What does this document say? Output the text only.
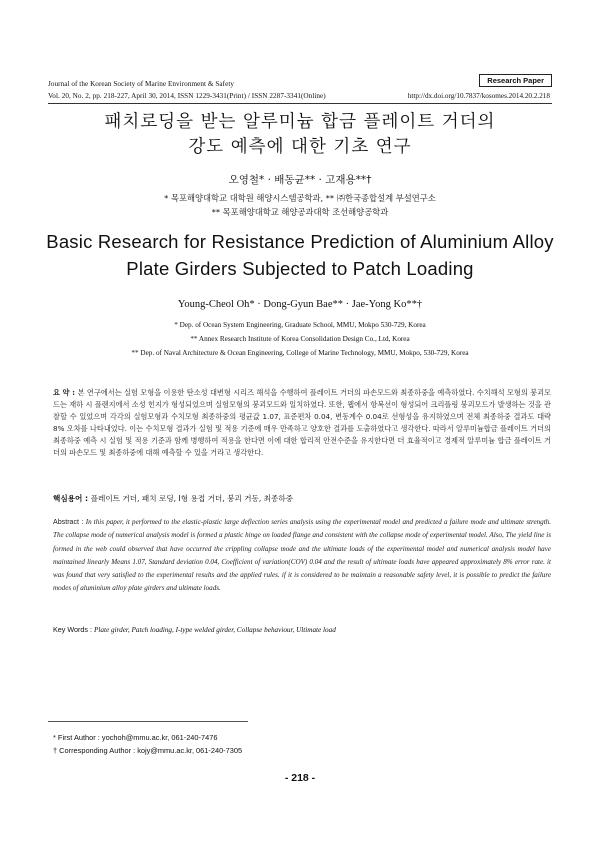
Journal of the Korean Society of Marine Environment & Safety
Vol. 20, No. 2, pp. 218-227, April 30, 2014, ISSN 1229-3431(Print) / ISSN 2287-3341(Online)	http://dx.doi.org/10.7837/kosomes.2014.20.2.218
Research Paper
패치로딩을 받는 알루미늄 합금 플레이트 거더의
강도 예측에 대한 기초 연구
오영철* · 배동균** · 고재용**†
* 목포해양대학교 대학원 해양시스템공학과, ** ㈜한국종합설계 부설연구소
** 목포해양대학교 해양공과대학 조선해양공학과
Basic Research for Resistance Prediction of Aluminium Alloy
Plate Girders Subjected to Patch Loading
Young-Cheol Oh* · Dong-Gyun Bae** · Jae-Yong Ko**†
* Dep. of Ocean System Engineering, Graduate School, MMU, Mokpo 530-729, Korea
** Annex Research Institute of Korea Consolidation Design Co., Ltd, Korea
** Dep. of Naval Architecture & Ocean Engineering, College of Marine Technology, MMU, Mokpo, 530-729, Korea
요 약 : 본 연구에서는 실험 모형을 이용한 탄소성 대변형 시리즈 해석을 수행하여 플레이트 거더의 파손모드와 최종하중을 예측하였다. 수치해석 모형의 붕괴모드는 재하 시 플랜지에서 소성 힌지가 형성되었으며 실험모형의 붕괴모드와 일치하였다. 또한, 웹에서 항복선이 형성되어 크리플링 붕괴모드가 발생하는 것을 관찰할 수 있었으며 각각의 실험모형과 수치모형 최종하중의 평균값 1.07, 표준편차 0.04, 변동계수 0.04로 선형성을 유지하였으며 전체 최종하중 결과도 대략 8% 오차를 나타내었다. 이는 수치모형 결과가 실험 및 적용 기준에 매우 만족하고 양호한 결과를 도출하였다고 생각한다. 따라서 알루미늄합금 플레이트 거더의 최종하중 예측 시 실험 및 적용 기준과 함께 병행하여 적용을 한다면 이에 대한 합리적 안전수준을 유지한다면 더 효율적이고 경제적 알루미늄 합금 플레이트 거더의 파손모드 및 최종하중에 대해 예측할 수 있을 거라고 생각한다.
핵심용어 : 플레이트 거더, 패치 로딩, I형 용접 거더, 붕괴 거동, 최종하중
Abstract : In this paper, it performed to the elastic-plastic large deflection series analysis using the experimental model and predicted a failure mode and ultimate strength. The collapse mode of numerical analysis model is formed a plastic hinge on loaded flange and consistent with the collapse mode of experimental model. Also, The yield line is formed in the web could observed that have occurred the crippling collapse mode and the ultimate loads of the experimental model and numerical analysis model have maintained linearly Means 1.07, Standard deviation 0.04, Coefficient of variation(COV) 0.04 and the result of ultimate loads have appeared approximately 8% error rate. it was found that very satisfied to the experimental results and the applied rules. if it is considered to be maintain a reasonable safety level, it is possible to predict the failure modes of aluminium alloy plate girders and ultimate loads.
Key Words : Plate girder, Patch loading, I-type welded girder, Collapse behaviour, Ultimate load
* First Author : yochoh@mmu.ac.kr, 061-240-7476
† Corresponding Author : kojy@mmu.ac.kr, 061-240-7305
- 218 -
